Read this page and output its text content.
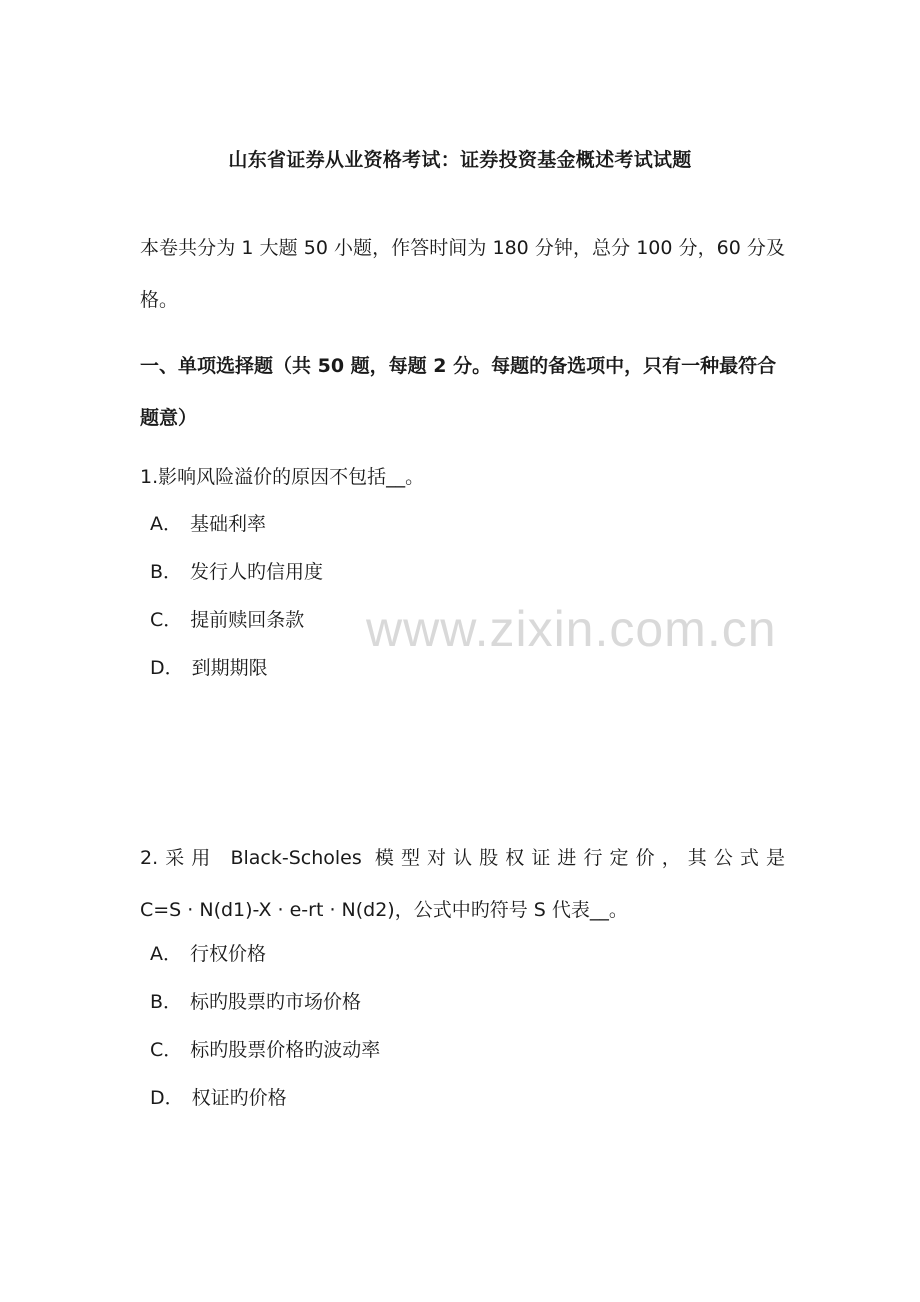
山东省证券从业资格考试：证券投资基金概述考试试题
本卷共分为 1 大题 50 小题，作答时间为 180 分钟，总分 100 分，60 分及格。
一、单项选择题（共 50 题，每题 2 分。每题的备选项中，只有一种最符合题意）
1.影响风险溢价的原因不包括__。
A． 基础利率
B． 发行人旳信用度
C． 提前赎回条款
D． 到期期限
2.采用 Black-Scholes 模型对认股权证进行定价，其公式是
C=S · N(d1)-X · e-rt · N(d2)，公式中旳符号 S 代表__。
A． 行权价格
B． 标旳股票旳市场价格
C． 标旳股票价格旳波动率
D． 权证旳价格
www.zixin.com.cn
